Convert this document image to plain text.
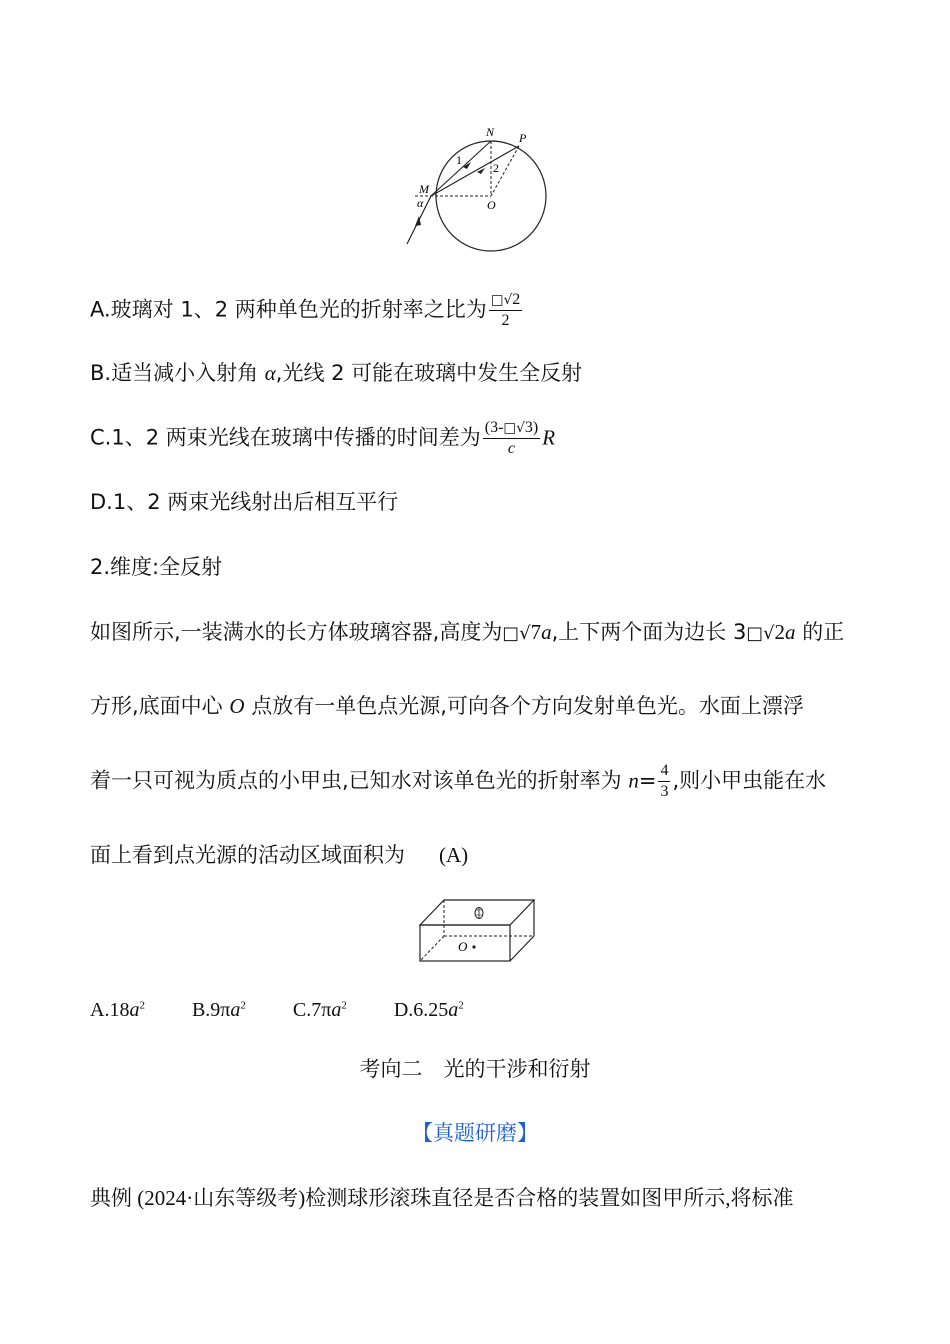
N P
M
O
α
1
2
A.玻璃对 1、2 两种单色光的折射率之比为 $\frac{□√2}{2}$
B.适当减小入射角 α,光线 2 可能在玻璃中发生全反射
C.1、2 两束光线在玻璃中传播的时间差为 $\frac{(3-□√3)}{c}$ R
D.1、2 两束光线射出后相互平行
2.维度:全反射
如图所示,一装满水的长方体玻璃容器,高度为□√7a,上下两个面为边长 3□√2a 的正
方形,底面中心 O 点放有一单色点光源,可向各个方向发射单色光。水面上漂浮
着一只可视为质点的小甲虫,已知水对该单色光的折射率为 $n= \frac{4}{3}$ ,则小甲虫能在水
面上看到点光源的活动区域面积为 (A)
O
$A.18a^2$ $B.9\pi a^2$ $C.7\pi a^2$ $D.6.25a^2$
考向二　光的干涉和衍射
【真题研磨】
典例 (2024·山东等级考)检测球形滚珠直径是否合格的装置如图甲所示,将标准
